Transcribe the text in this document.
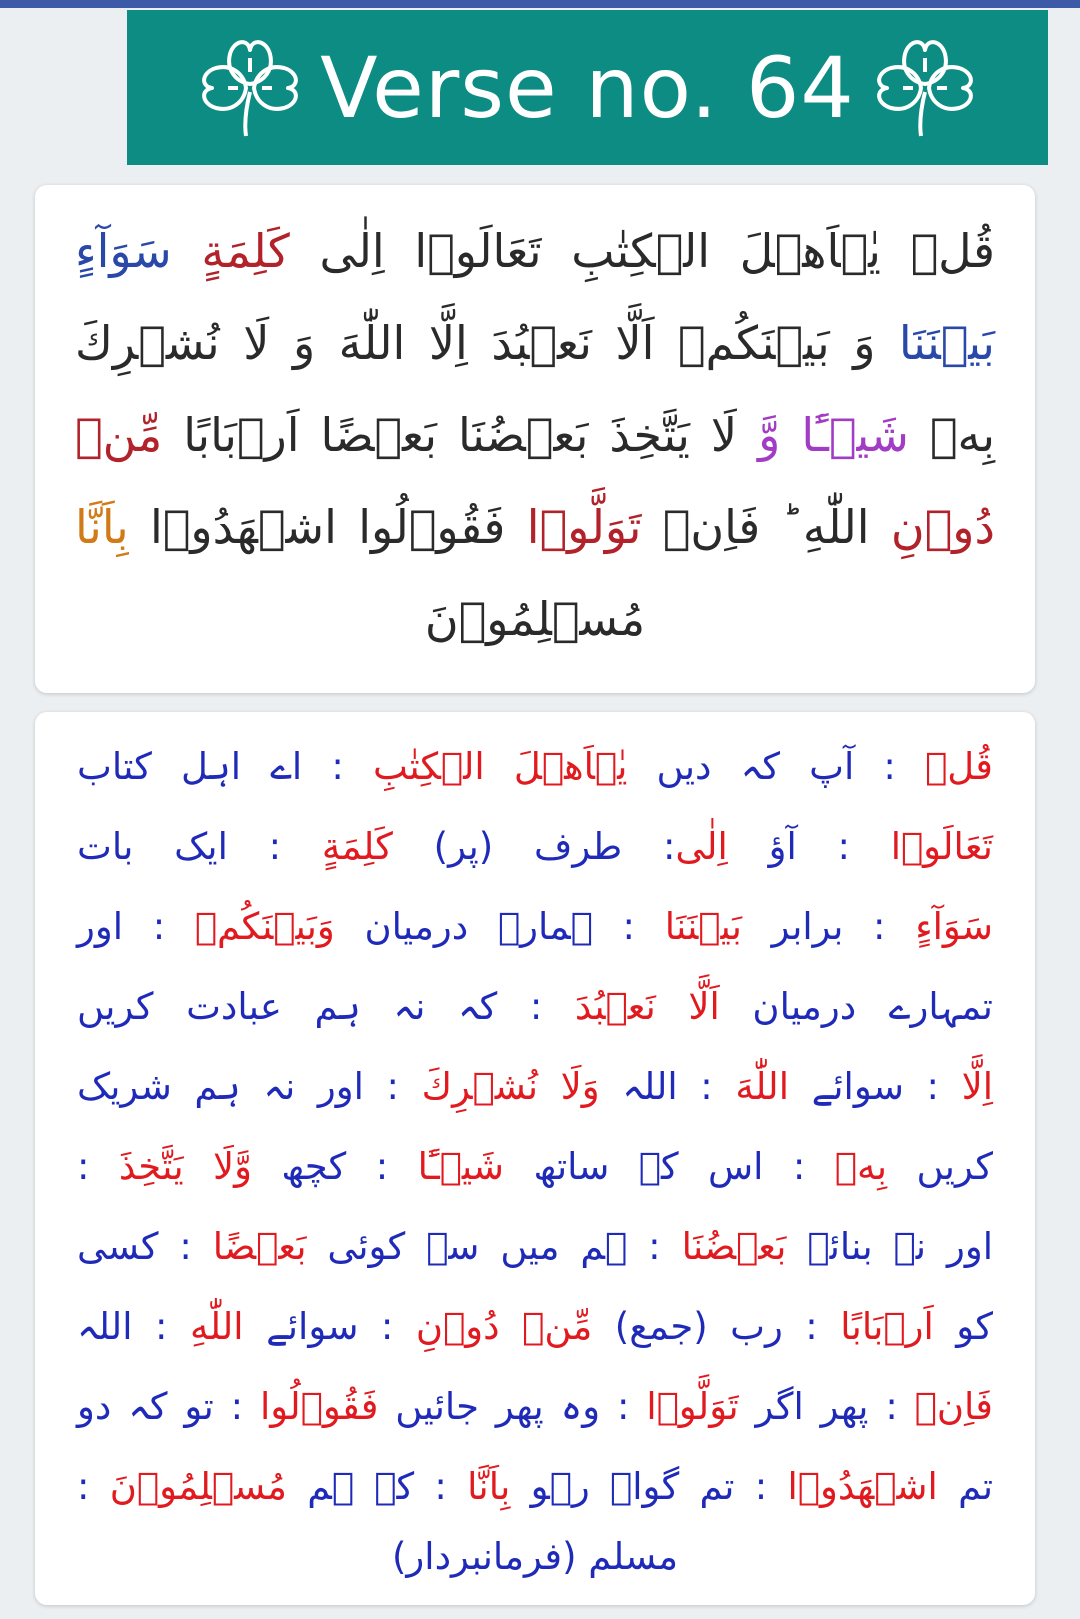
Verse no. 64
قُلۡ يٰۤاَهۡلَ الۡكِتٰبِ تَعَالَوۡا اِلٰى كَلِمَةٍ سَوَآءٍ
بَيۡنَنَا وَ بَيۡنَكُمۡ اَلَّا نَعۡبُدَ اِلَّا اللّٰهَ وَ لَا نُشۡرِكَ
بِهٖ شَيۡـًٔا وَّ لَا يَتَّخِذَ بَعۡضُنَا بَعۡضًا اَرۡبَابًا مِّنۡ
دُوۡنِ اللّٰهِ ؕ فَاِنۡ تَوَلَّوۡا فَقُوۡلُوا اشۡهَدُوۡا بِاَنَّا
مُسۡلِمُوۡنَ
قُلۡ : آپ کہ دیں يٰۤاَهۡلَ الۡكِتٰبِ : اے اہل کتاب
تَعَالَوۡا : آؤ اِلٰى: طرف (پر) كَلِمَةٍ : ایک بات
سَوَآءٍ : برابر بَيۡنَنَا : ہمارے درمیان وَبَيۡنَكُمۡ : اور
تمہارے درمیان اَلَّا نَعۡبُدَ : کہ نہ ہم عبادت کریں
اِلَّا : سوائے اللّٰهَ : اللہ وَلَا نُشۡرِكَ : اور نہ ہم شریک
کریں بِهٖ : اس کے ساتھ شَيۡـًٔا : کچھ وَّلَا يَتَّخِذَ :
اور نہ بنائے بَعۡضُنَا : ہم میں سے کوئی بَعۡضًا : کسی
کو اَرۡبَابًا : رب (جمع) مِّنۡ دُوۡنِ : سوائے اللّٰهِ : اللہ
فَاِنۡ : پھر اگر تَوَلَّوۡا : وہ پھر جائیں فَقُوۡلُوا : تو کہ دو
تم اشۡهَدُوۡا : تم گواہ رہو بِاَنَّا : کہ ہم مُسۡلِمُوۡنَ :
مسلم (فرمانبردار)
